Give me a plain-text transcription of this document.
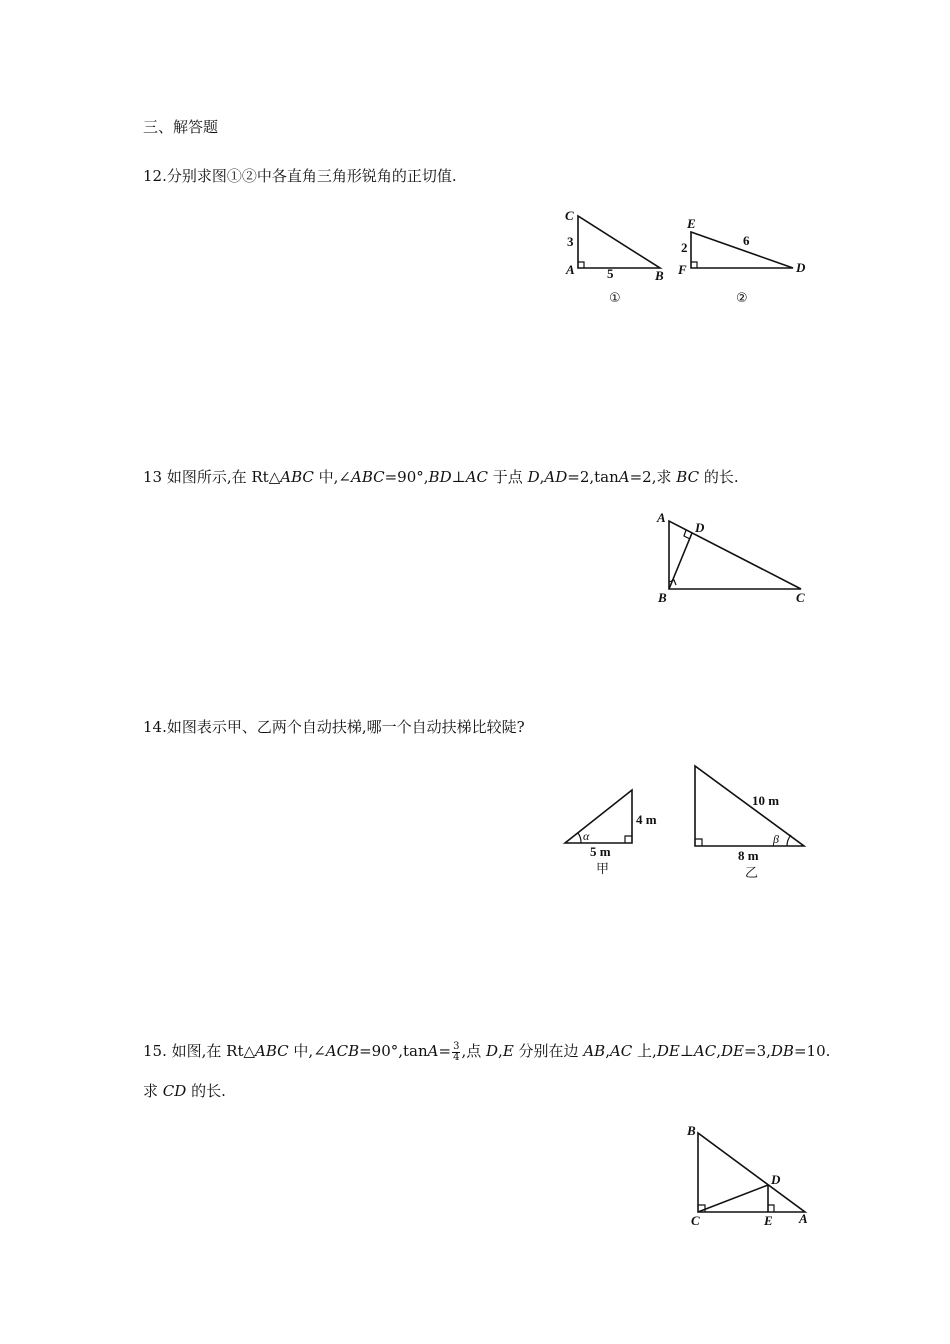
三、解答题
12.分别求图①②中各直角三角形锐角的正切值.
C
A	B
3
5
①
E
F	D
2	6
②
13 如图所示,在 Rt△ABC 中,∠ABC=90°,BD⊥AC 于点 D,AD=2,tanA=2,求 BC 的长.
A
D
B	C
14.如图表示甲、乙两个自动扶梯,哪一个自动扶梯比较陡?
α
4 m
5 m
甲
β
10 m
8 m
乙
15. 如图,在 Rt△ABC 中,∠ACB=90°,tanA= $\frac{3}{4}$ ,点 D,E 分别在边 AB,AC 上,DE⊥AC,DE=3,DB=10.
求 CD 的长.
B
D
C	E A
